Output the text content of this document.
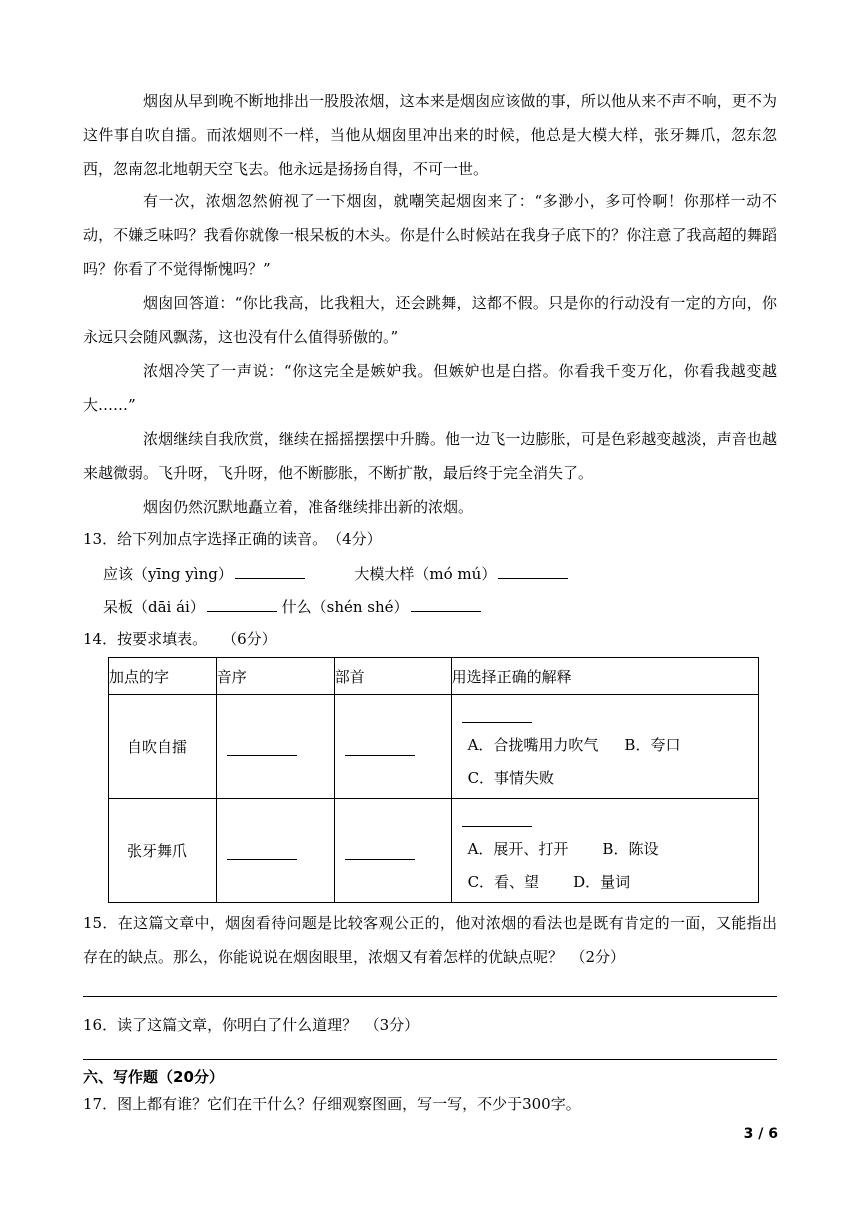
烟囱从早到晚不断地排出一股股浓烟，这本来是烟囱应该做的事，所以他从来不声不响，更不为这件事自吹自擂。而浓烟则不一样，当他从烟囱里冲出来的时候，他总是大模大样，张牙舞爪，忽东忽西，忽南忽北地朝天空飞去。他永远是扬扬自得，不可一世。

有一次，浓烟忽然俯视了一下烟囱，就嘲笑起烟囱来了：“多渺小，多可怜啊！你那样一动不动，不嫌乏味吗？我看你就像一根呆板的木头。你是什么时候站在我身子底下的？你注意了我高超的舞蹈吗？你看了不觉得惭愧吗？”

烟囱回答道：“你比我高，比我粗大，还会跳舞，这都不假。只是你的行动没有一定的方向，你永远只会随风飘荡，这也没有什么值得骄傲的。”

浓烟冷笑了一声说：“你这完全是嫉妒我。但嫉妒也是白搭。你看我千变万化，你看我越变越大……”

浓烟继续自我欣赏，继续在摇摇摆摆中升腾。他一边飞一边膨胀，可是色彩越变越淡，声音也越来越微弱。飞升呀，飞升呀，他不断膨胀，不断扩散，最后终于完全消失了。

烟囱仍然沉默地矗立着，准备继续排出新的浓烟。

13．给下列加点字选择正确的读音。　（4分）

应该（yīng yìng）	大模大样（mó mú）

呆板（dāi ái）	什么（shén shé）

14．按要求填表。　　（6分）

加点的字	音序	部首	用选择正确的解释
自吹自擂			A．合拢嘴用力吹气 B．夸口
C．事情失败

张牙舞爪			A．展开、打开 B．陈设
C．看、望 D．量词

15．在这篇文章中，烟囱看待问题是比较客观公正的，他对浓烟的看法也是既有肯定的一面，又能指出存在的缺点。那么，你能说说在烟囱眼里，浓烟又有着怎样的优缺点呢？　（2分）

16．读了这篇文章，你明白了什么道理？　（3分）

六、写作题（20分）

17．图上都有谁？它们在干什么？仔细观察图画，写一写，不少于300字。

3 / 6
